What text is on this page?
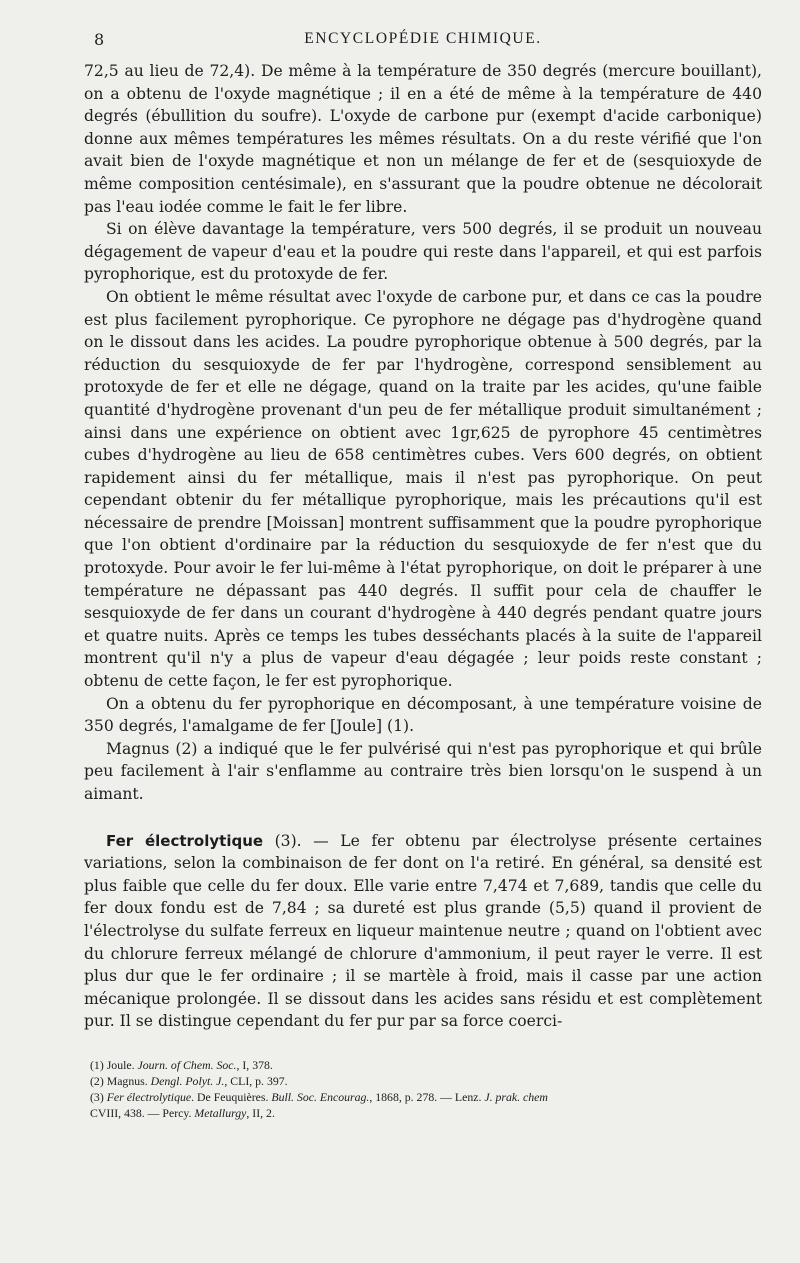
8	ENCYCLOPÉDIE CHIMIQUE.

72,5 au lieu de 72,4). De même à la température de 350 degrés (mercure bouillant), on a obtenu de l'oxyde magnétique ; il en a été de même à la température de 440 degrés (ébullition du soufre). L'oxyde de carbone pur (exempt d'acide carbonique) donne aux mêmes températures les mêmes résultats. On a du reste vérifié que l'on avait bien de l'oxyde magnétique et non un mélange de fer et de (sesquioxyde de même composition centésimale), en s'assurant que la poudre obtenue ne décolorait pas l'eau iodée comme le fait le fer libre.

Si on élève davantage la température, vers 500 degrés, il se produit un nouveau dégagement de vapeur d'eau et la poudre qui reste dans l'appareil, et qui est parfois pyrophorique, est du protoxyde de fer.

On obtient le même résultat avec l'oxyde de carbone pur, et dans ce cas la poudre est plus facilement pyrophorique. Ce pyrophore ne dégage pas d'hydrogène quand on le dissout dans les acides. La poudre pyrophorique obtenue à 500 degrés, par la réduction du sesquioxyde de fer par l'hydrogène, correspond sensiblement au protoxyde de fer et elle ne dégage, quand on la traite par les acides, qu'une faible quantité d'hydrogène provenant d'un peu de fer métallique produit simultanément ; ainsi dans une expérience on obtient avec 1gr,625 de pyrophore 45 centimètres cubes d'hydrogène au lieu de 658 centimètres cubes. Vers 600 degrés, on obtient rapidement ainsi du fer métallique, mais il n'est pas pyrophorique. On peut cependant obtenir du fer métallique pyrophorique, mais les précautions qu'il est nécessaire de prendre [Moissan] montrent suffisamment que la poudre pyrophorique que l'on obtient d'ordinaire par la réduction du sesquioxyde de fer n'est que du protoxyde. Pour avoir le fer lui-même à l'état pyrophorique, on doit le préparer à une température ne dépassant pas 440 degrés. Il suffit pour cela de chauffer le sesquioxyde de fer dans un courant d'hydrogène à 440 degrés pendant quatre jours et quatre nuits. Après ce temps les tubes desséchants placés à la suite de l'appareil montrent qu'il n'y a plus de vapeur d'eau dégagée ; leur poids reste constant ; obtenu de cette façon, le fer est pyrophorique.

On a obtenu du fer pyrophorique en décomposant, à une température voisine de 350 degrés, l'amalgame de fer [Joule] (1).

Magnus (2) a indiqué que le fer pulvérisé qui n'est pas pyrophorique et qui brûle peu facilement à l'air s'enflamme au contraire très bien lorsqu'on le suspend à un aimant.

Fer électrolytique (3). — Le fer obtenu par électrolyse présente certaines variations, selon la combinaison de fer dont on l'a retiré. En général, sa densité est plus faible que celle du fer doux. Elle varie entre 7,474 et 7,689, tandis que celle du fer doux fondu est de 7,84 ; sa dureté est plus grande (5,5) quand il provient de l'électrolyse du sulfate ferreux en liqueur maintenue neutre ; quand on l'obtient avec du chlorure ferreux mélangé de chlorure d'ammonium, il peut rayer le verre. Il est plus dur que le fer ordinaire ; il se martèle à froid, mais il casse par une action mécanique prolongée. Il se dissout dans les acides sans résidu et est complètement pur. Il se distingue cependant du fer pur par sa force coerci-

(1) Joule. Journ. of Chem. Soc., I, 378.

(2) Magnus. Dengl. Polyt. J., CLI, p. 397.

(3) Fer électrolytique. De Feuquières. Bull. Soc. Encourag., 1868, p. 278. — Lenz. J. prak. chem

CVIII, 438. — Percy. Metallurgy, II, 2.
